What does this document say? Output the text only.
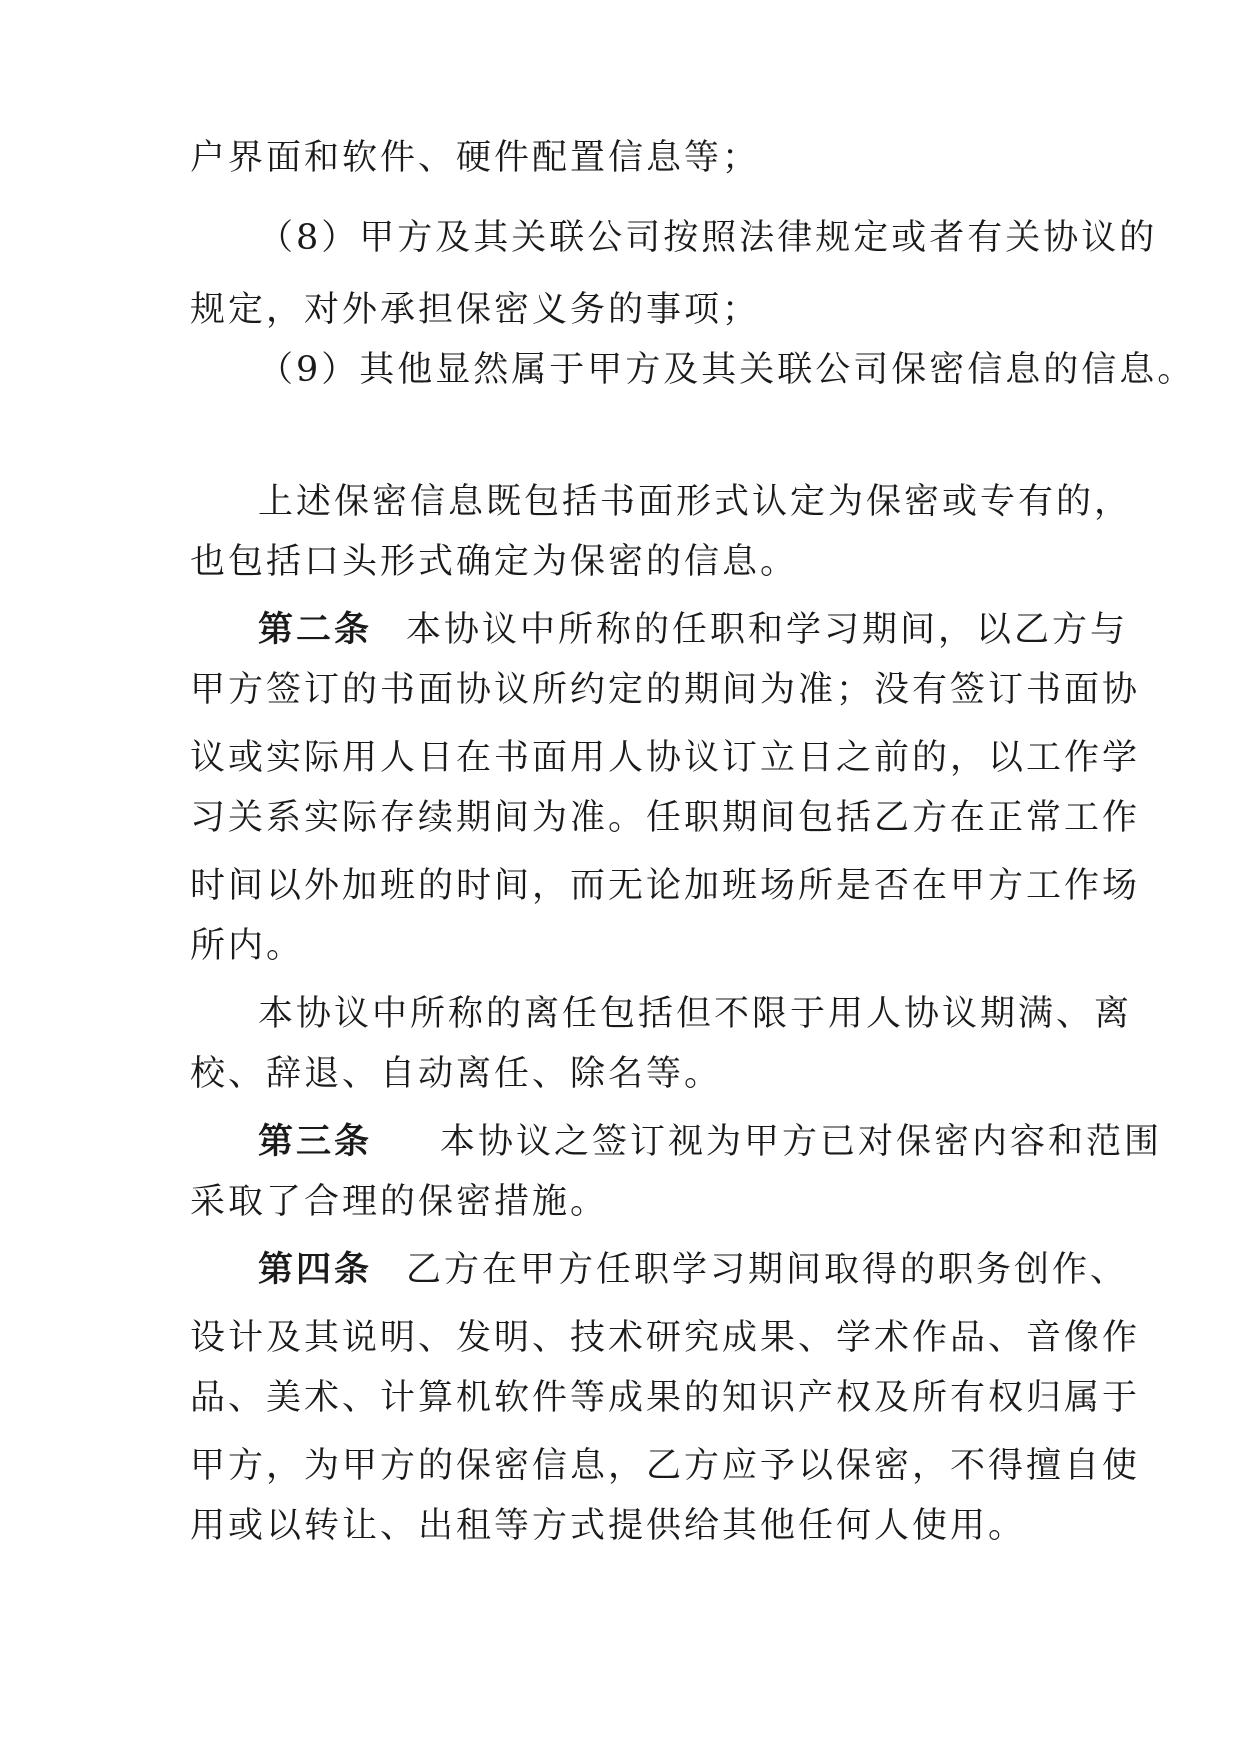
户界面和软件、硬件配置信息等；
（8）甲方及其关联公司按照法律规定或者有关协议的
规定，对外承担保密义务的事项；
（9）其他显然属于甲方及其关联公司保密信息的信息。
上述保密信息既包括书面形式认定为保密或专有的，
也包括口头形式确定为保密的信息。
第二条 本协议中所称的任职和学习期间，以乙方与
甲方签订的书面协议所约定的期间为准；没有签订书面协
议或实际用人日在书面用人协议订立日之前的，以工作学
习关系实际存续期间为准。任职期间包括乙方在正常工作
时间以外加班的时间，而无论加班场所是否在甲方工作场
所内。
本协议中所称的离任包括但不限于用人协议期满、离
校、辞退、自动离任、除名等。
第三条 本协议之签订视为甲方已对保密内容和范围
采取了合理的保密措施。
第四条 乙方在甲方任职学习期间取得的职务创作、
设计及其说明、发明、技术研究成果、学术作品、音像作
品、美术、计算机软件等成果的知识产权及所有权归属于
甲方，为甲方的保密信息，乙方应予以保密，不得擅自使
用或以转让、出租等方式提供给其他任何人使用。
